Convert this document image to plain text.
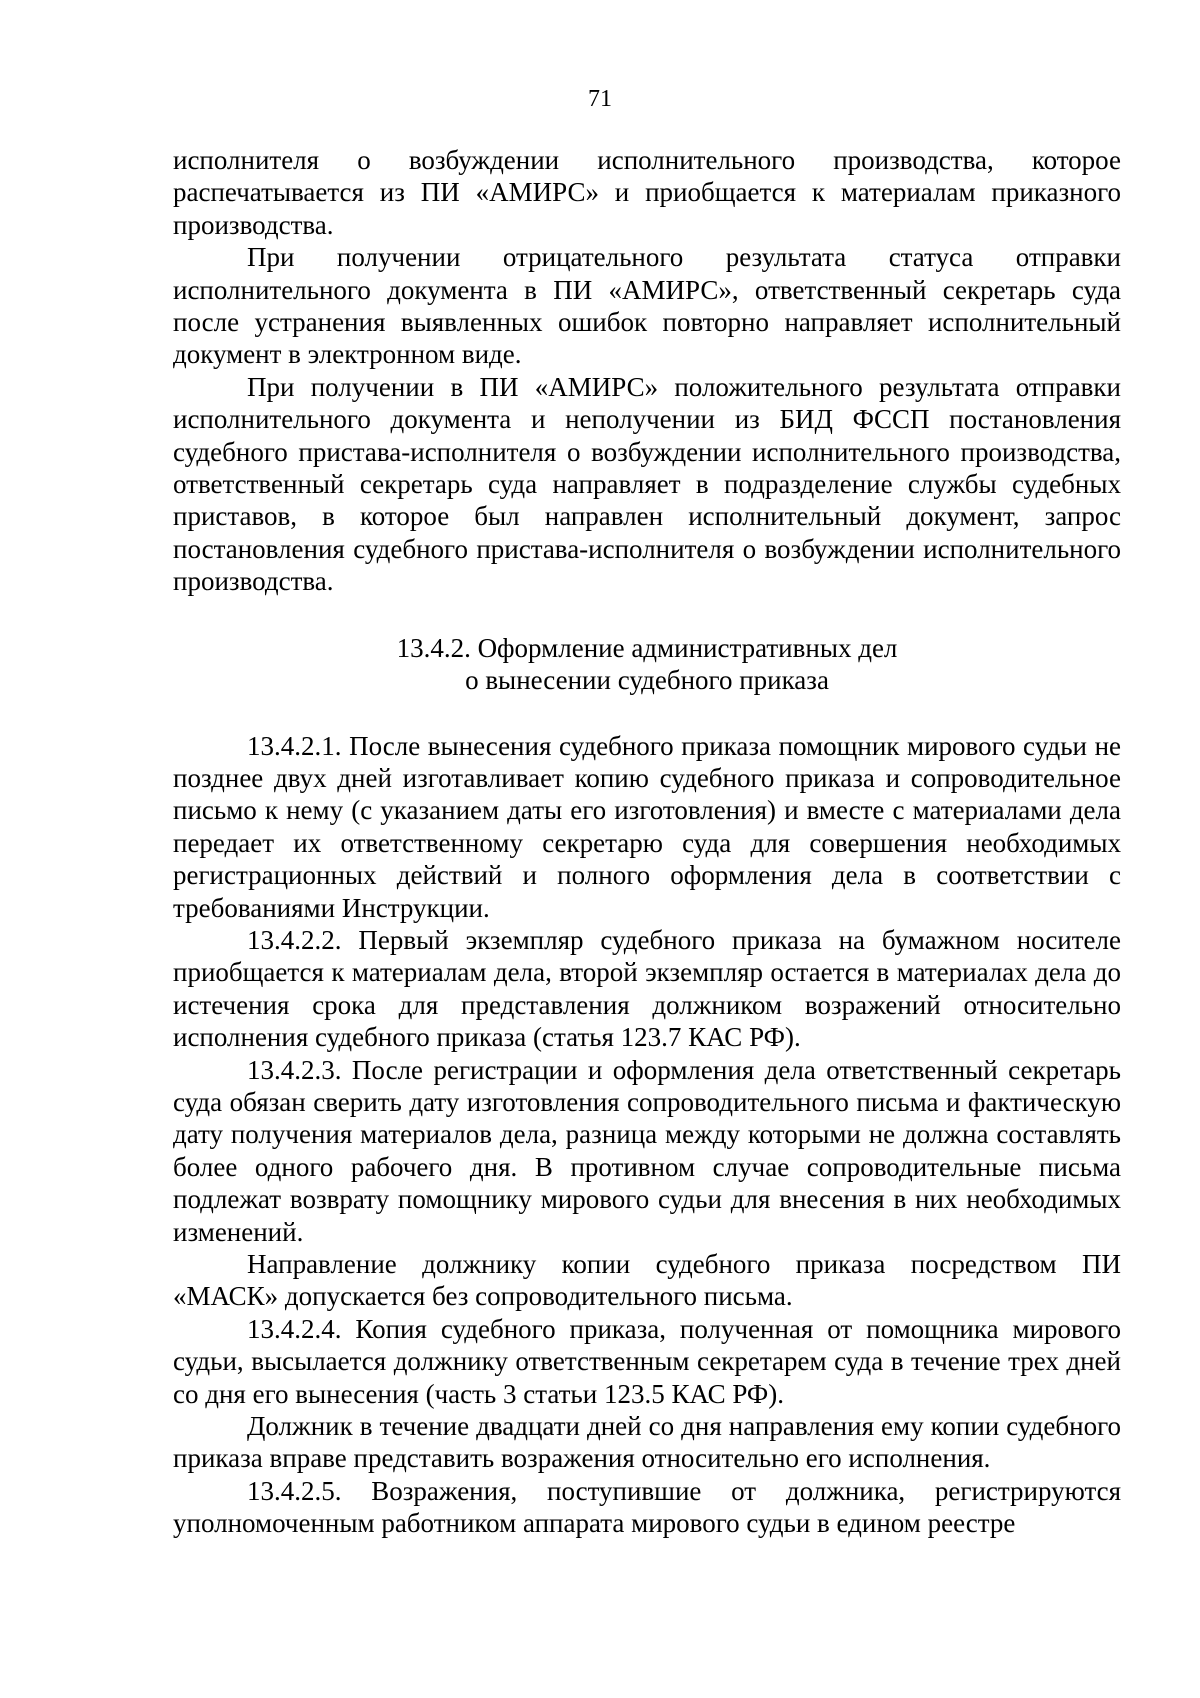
71

исполнителя о возбуждении исполнительного производства, которое распечатывается из ПИ «АМИРС» и приобщается к материалам приказного производства.

При получении отрицательного результата статуса отправки исполнительного документа в ПИ «АМИРС», ответственный секретарь суда после устранения выявленных ошибок повторно направляет исполнительный документ в электронном виде.

При получении в ПИ «АМИРС» положительного результата отправки исполнительного документа и неполучении из БИД ФССП постановления судебного пристава-исполнителя о возбуждении исполнительного производства, ответственный секретарь суда направляет в подразделение службы судебных приставов, в которое был направлен исполнительный документ, запрос постановления судебного пристава-исполнителя о возбуждении исполнительного производства.

13.4.2. Оформление административных дел
о вынесении судебного приказа

13.4.2.1. После вынесения судебного приказа помощник мирового судьи не позднее двух дней изготавливает копию судебного приказа и сопроводительное письмо к нему (с указанием даты его изготовления) и вместе с материалами дела передает их ответственному секретарю суда для совершения необходимых регистрационных действий и полного оформления дела в соответствии с требованиями Инструкции.

13.4.2.2. Первый экземпляр судебного приказа на бумажном носителе приобщается к материалам дела, второй экземпляр остается в материалах дела до истечения срока для представления должником возражений относительно исполнения судебного приказа (статья 123.7 КАС РФ).

13.4.2.3. После регистрации и оформления дела ответственный секретарь суда обязан сверить дату изготовления сопроводительного письма и фактическую дату получения материалов дела, разница между которыми не должна составлять более одного рабочего дня. В противном случае сопроводительные письма подлежат возврату помощнику мирового судьи для внесения в них необходимых изменений.

Направление должнику копии судебного приказа посредством ПИ «МАСК» допускается без сопроводительного письма.

13.4.2.4. Копия судебного приказа, полученная от помощника мирового судьи, высылается должнику ответственным секретарем суда в течение трех дней со дня его вынесения (часть 3 статьи 123.5 КАС РФ).

Должник в течение двадцати дней со дня направления ему копии судебного приказа вправе представить возражения относительно его исполнения.

13.4.2.5. Возражения, поступившие от должника, регистрируются уполномоченным работником аппарата мирового судьи в едином реестре
